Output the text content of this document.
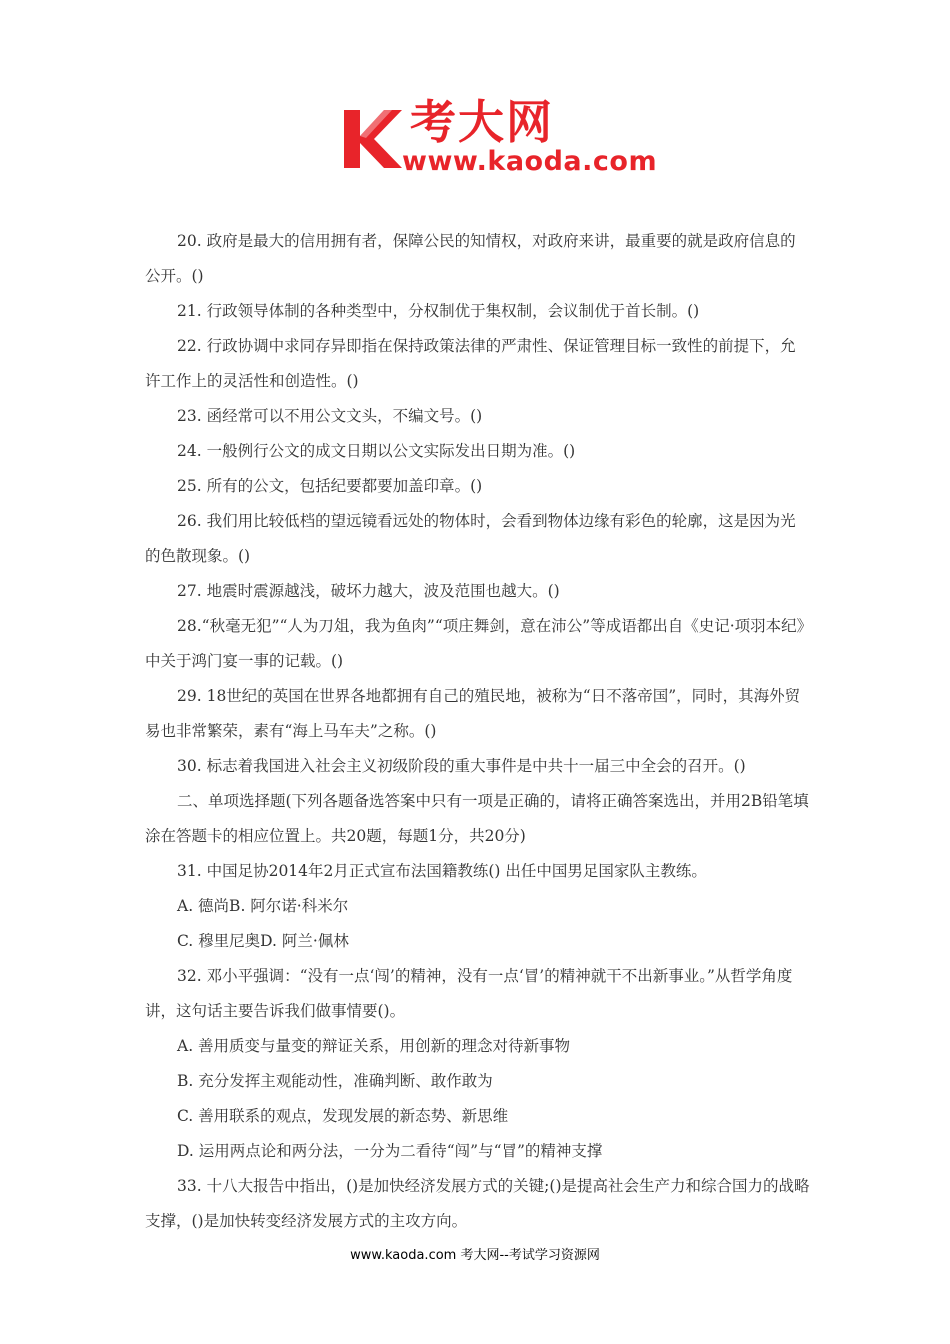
考大网
www.kaoda.com

20. 政府是最大的信用拥有者，保障公民的知情权，对政府来讲，最重要的就是政府信息的公开。()

21. 行政领导体制的各种类型中，分权制优于集权制，会议制优于首长制。()

22. 行政协调中求同存异即指在保持政策法律的严肃性、保证管理目标一致性的前提下，允许工作上的灵活性和创造性。()

23. 函经常可以不用公文文头，不编文号。()

24. 一般例行公文的成文日期以公文实际发出日期为准。()

25. 所有的公文，包括纪要都要加盖印章。()

26. 我们用比较低档的望远镜看远处的物体时，会看到物体边缘有彩色的轮廓，这是因为光的色散现象。()

27. 地震时震源越浅，破坏力越大，波及范围也越大。()

28.“秋毫无犯”“人为刀俎，我为鱼肉”“项庄舞剑，意在沛公”等成语都出自《史记·项羽本纪》中关于鸿门宴一事的记载。()

29. 18世纪的英国在世界各地都拥有自己的殖民地，被称为“日不落帝国”，同时，其海外贸易也非常繁荣，素有“海上马车夫”之称。()

30. 标志着我国进入社会主义初级阶段的重大事件是中共十一届三中全会的召开。()

二、单项选择题(下列各题备选答案中只有一项是正确的，请将正确答案选出，并用2B铅笔填涂在答题卡的相应位置上。共20题，每题1分，共20分)

31. 中国足协2014年2月正式宣布法国籍教练() 出任中国男足国家队主教练。

A. 德尚B. 阿尔诺·科米尔

C. 穆里尼奥D. 阿兰·佩林

32. 邓小平强调：“没有一点‘闯’的精神，没有一点‘冒’的精神就干不出新事业。”从哲学角度讲，这句话主要告诉我们做事情要()。

A. 善用质变与量变的辩证关系，用创新的理念对待新事物

B. 充分发挥主观能动性，准确判断、敢作敢为

C. 善用联系的观点，发现发展的新态势、新思维

D. 运用两点论和两分法，一分为二看待“闯”与“冒”的精神支撑

33. 十八大报告中指出，()是加快经济发展方式的关键;()是提高社会生产力和综合国力的战略支撑，()是加快转变经济发展方式的主攻方向。

www.kaoda.com 考大网--考试学习资源网
